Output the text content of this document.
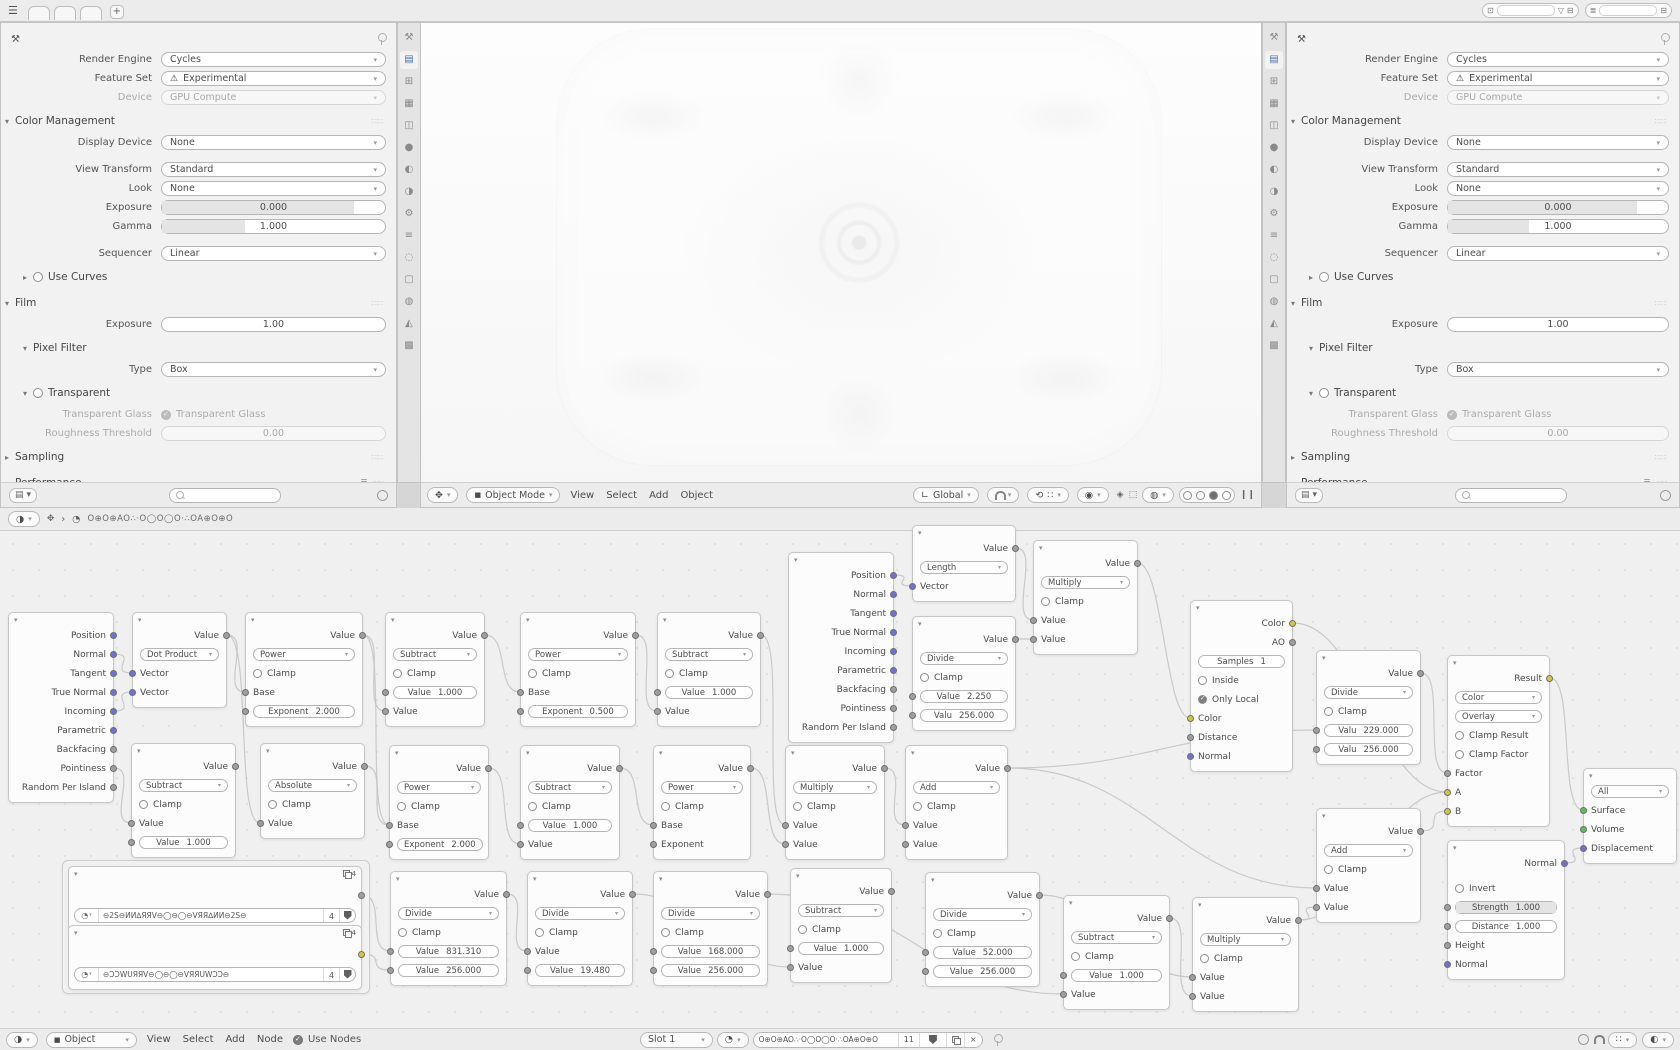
☰	+	⊡	▽ ⊟ ≣	⊟
⚒
Render Engine	Cycles	▾
Feature Set	⚠ Experimental	▾
Device	GPU Compute	▾
▾ Color Management	∷∷
Display Device	None	▾
View Transform	Standard	▾
Look	None	▾
Exposure	0.000
Gamma	1.000
Sequencer	Linear	▾
▸	Use Curves
▾ Film	∷∷
Exposure	1.00
▾ Pixel Filter
Type	Box	▾
▾	Transparent
Transparent Glass ✓	Transparent Glass
Roughness Threshold	0.00
▸ Sampling	∷∷
▤ ▾
⚒
▤
⊞
▦
◫
●
◐
◑
⚙
≡
◌
▢
◍
◭
▩
✥ ▾	■ Object Mode ▾ View Select Add Object	∟ Global ▾	▾	⟲ ∷ ▾	◉ ▾ ◈ ⬚ ◍ ▾	❙❙
⚒
▤
⊞
▦
◫
●
◐
◑
⚙
≡
◌
▢
◍
◭
▩
⚒
Render Engine	Cycles	▾
Feature Set	⚠ Experimental	▾
Device	GPU Compute	▾
▾ Color Management	∷∷
Display Device	None	▾
View Transform	Standard	▾
Look	None	▾
Exposure	0.000
Gamma	1.000
Sequencer	Linear	▾
▸	Use Curves
▾ Film	∷∷
Exposure	1.00
▾ Pixel Filter
Type	Box	▾
▾	Transparent
Transparent Glass ✓	Transparent Glass
Roughness Threshold	0.00
▸ Sampling	∷∷
▤ ▾
◑ ▾ ✥ › ◔ O⊕O⊕AO∴·O◯O◯O·∴OA⊕O⊕O
▾
Position
Normal
Tangent
True Normal
Incoming
Parametric
Backfacing
Pointiness
Random Per Island
▾
Value
Dot Product ▾
Vector
Vector
▾
Value
Power	▾
Clamp
Base
Exponent 2.000
▾
Value
Subtract	▾
Clamp
Value 1.000
Value
▾
Value
Power	▾
Clamp
Base
Exponent 0.500
▾
Value
Subtract	▾
Clamp
Value 1.000
Value
▾
Position
Normal
Tangent
True Normal
Incoming
Parametric
Backfacing
Pointiness
Random Per Island
▾
Value
Length	▾
Vector
▾
Value
Multiply	▾
Clamp
Value
Value
▾
Value
Divide	▾
Clamp
Value 2.250
Valu 256.000
▾
Color
AO
Samples 1
Inside
✓
Only Local
Color
Distance
Normal
▾
Value
Divide	▾
Clamp
Valu 229.000
Valu 256.000
▾
Result
Color	▾
Overlay	▾
Clamp Result
Clamp Factor
Factor
A
B
▾
Value
Add	▾
Clamp
Value
Value
▾
All	▾
Surface
Volume
Displacement
▾
Normal
Invert
Strength 1.000
Distance 1.000
Height
Normal
▾
Value
Subtract	▾
Clamp
Value
Value 1.000
▾
Value
Absolute	▾
Clamp
Value
▾
Value
Power	▾
Clamp
Base
Exponent 2.000
▾
Value
Subtract	▾
Clamp
Value 1.000
Value
▾
Value
Power	▾
Clamp
Base
Exponent
▾
Value
Multiply	▾
Clamp
Value
Value
▾
Value
Add	▾
Clamp
Value
Value
▾	4
◔ ▾	⊖2S⊖ИИ∆ЯЯV⊖◯⊖◯⊖VЯЯ∆ИИ⊖2S⊖	4
▾	4
◔ ▾	⊖ƆƆWUЯЯV⊖◯⊖◯⊖VЯЯUWƆƆ⊖	4
▾
Value
Divide	▾
Clamp
Value 831.310
Value 256.000
▾
Value
Divide	▾
Clamp
Value
Value 19.480
▾
Value
Divide	▾
Clamp
Value 168.000
Value 256.000
▾
Value
Subtract	▾
Clamp
Value 1.000
Value
▾
Value
Divide	▾
Clamp
Value 52.000
Value 256.000
▾
Value
Subtract	▾
Clamp
Value 1.000
Value
▾
Value
Multiply	▾
Clamp
Value
Value
◑ ▾	■ Object	▾ View Select Add Node ✓	Use Nodes	Slot 1	▾ ◔ ▾	O⊕O⊕AO∴·O◯O◯O·∴OA⊕O⊕O	11	×	∷ ▾ ◐ ▾
